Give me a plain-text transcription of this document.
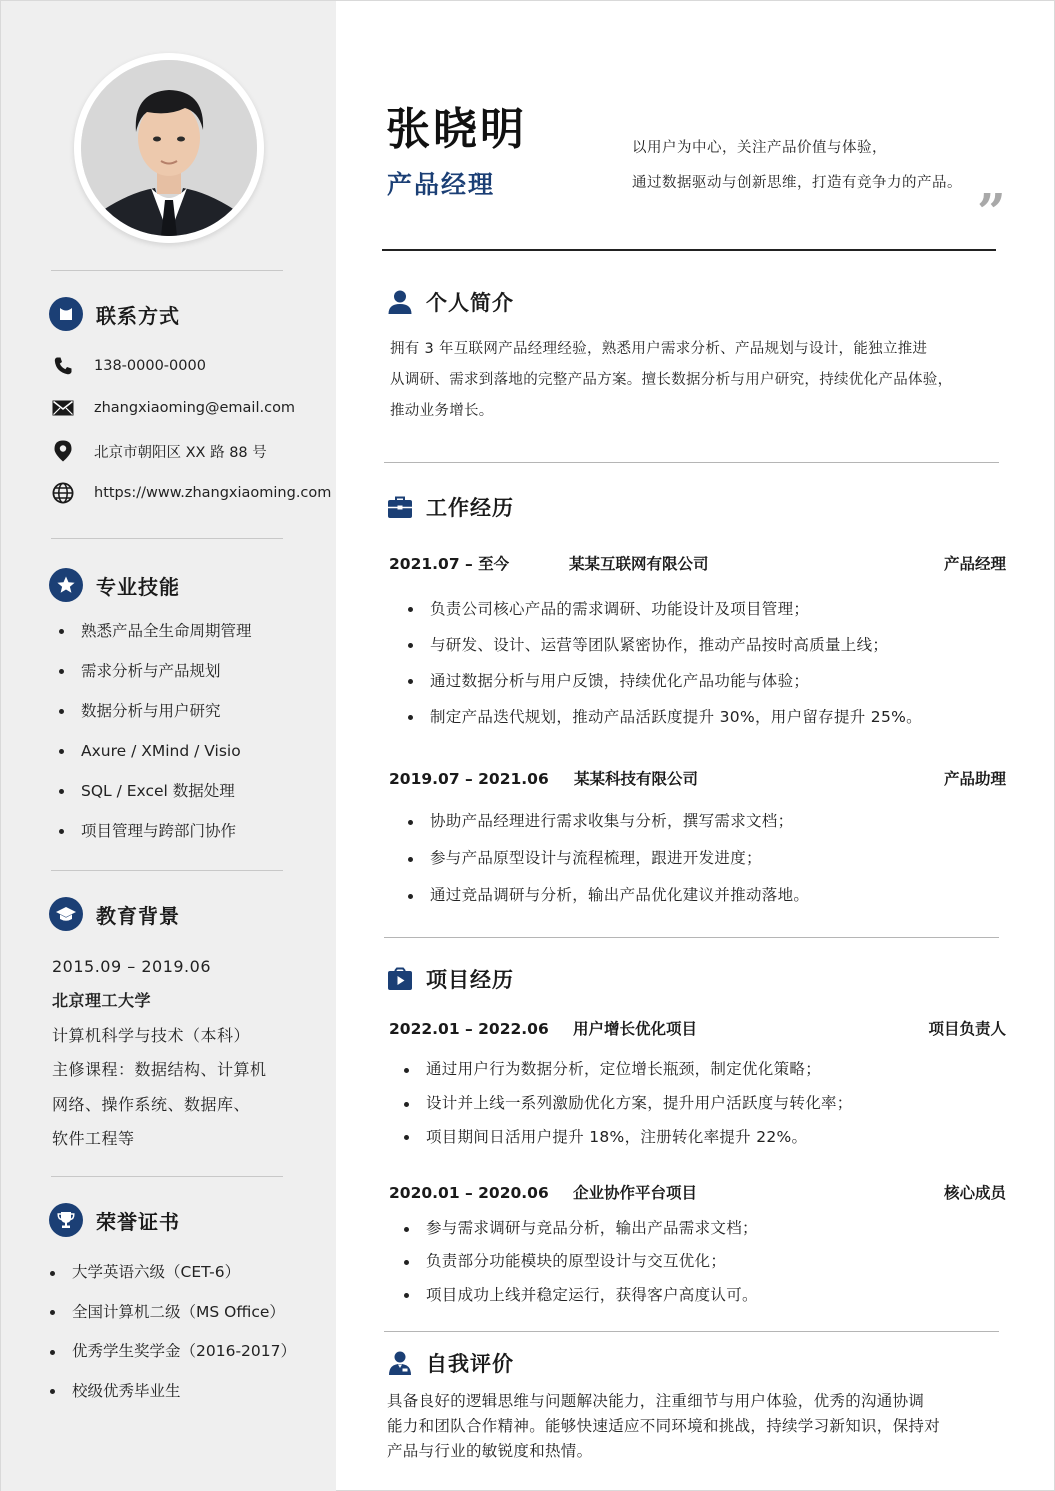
联系方式
138-0000-0000
zhangxiaoming@email.com
北京市朝阳区 XX 路 88 号
https://www.zhangxiaoming.com
专业技能
熟悉产品全生命周期管理
需求分析与产品规划
数据分析与用户研究
Axure / XMind / Visio
SQL / Excel 数据处理
项目管理与跨部门协作
教育背景
2015.09 – 2019.06
北京理工大学
计算机科学与技术（本科）
主修课程：数据结构、计算机
网络、操作系统、数据库、
软件工程等
荣誉证书
大学英语六级（CET-6）
全国计算机二级（MS Office）
优秀学生奖学金（2016-2017）
校级优秀毕业生
张晓明
产品经理
以用户为中心，关注产品价值与体验，
通过数据驱动与创新思维，打造有竞争力的产品。 ”
个人简介
拥有 3 年互联网产品经理经验，熟悉用户需求分析、产品规划与设计，能独立推进
从调研、需求到落地的完整产品方案。擅长数据分析与用户研究，持续优化产品体验，
推动业务增长。
工作经历
2021.07 – 至今	某某互联网有限公司	产品经理
负责公司核心产品的需求调研、功能设计及项目管理；
与研发、设计、运营等团队紧密协作，推动产品按时高质量上线；
通过数据分析与用户反馈，持续优化产品功能与体验；
制定产品迭代规划，推动产品活跃度提升 30%，用户留存提升 25%。
2019.07 – 2021.06 某某科技有限公司	产品助理
协助产品经理进行需求收集与分析，撰写需求文档；
参与产品原型设计与流程梳理，跟进开发进度；
通过竞品调研与分析，输出产品优化建议并推动落地。
项目经历
2022.01 – 2022.06 用户增长优化项目	项目负责人
通过用户行为数据分析，定位增长瓶颈，制定优化策略；
设计并上线一系列激励优化方案，提升用户活跃度与转化率；
项目期间日活用户提升 18%，注册转化率提升 22%。
2020.01 – 2020.06 企业协作平台项目	核心成员
参与需求调研与竞品分析，输出产品需求文档；
负责部分功能模块的原型设计与交互优化；
项目成功上线并稳定运行，获得客户高度认可。
自我评价
具备良好的逻辑思维与问题解决能力，注重细节与用户体验，优秀的沟通协调
能力和团队合作精神。能够快速适应不同环境和挑战，持续学习新知识，保持对
产品与行业的敏锐度和热情。
